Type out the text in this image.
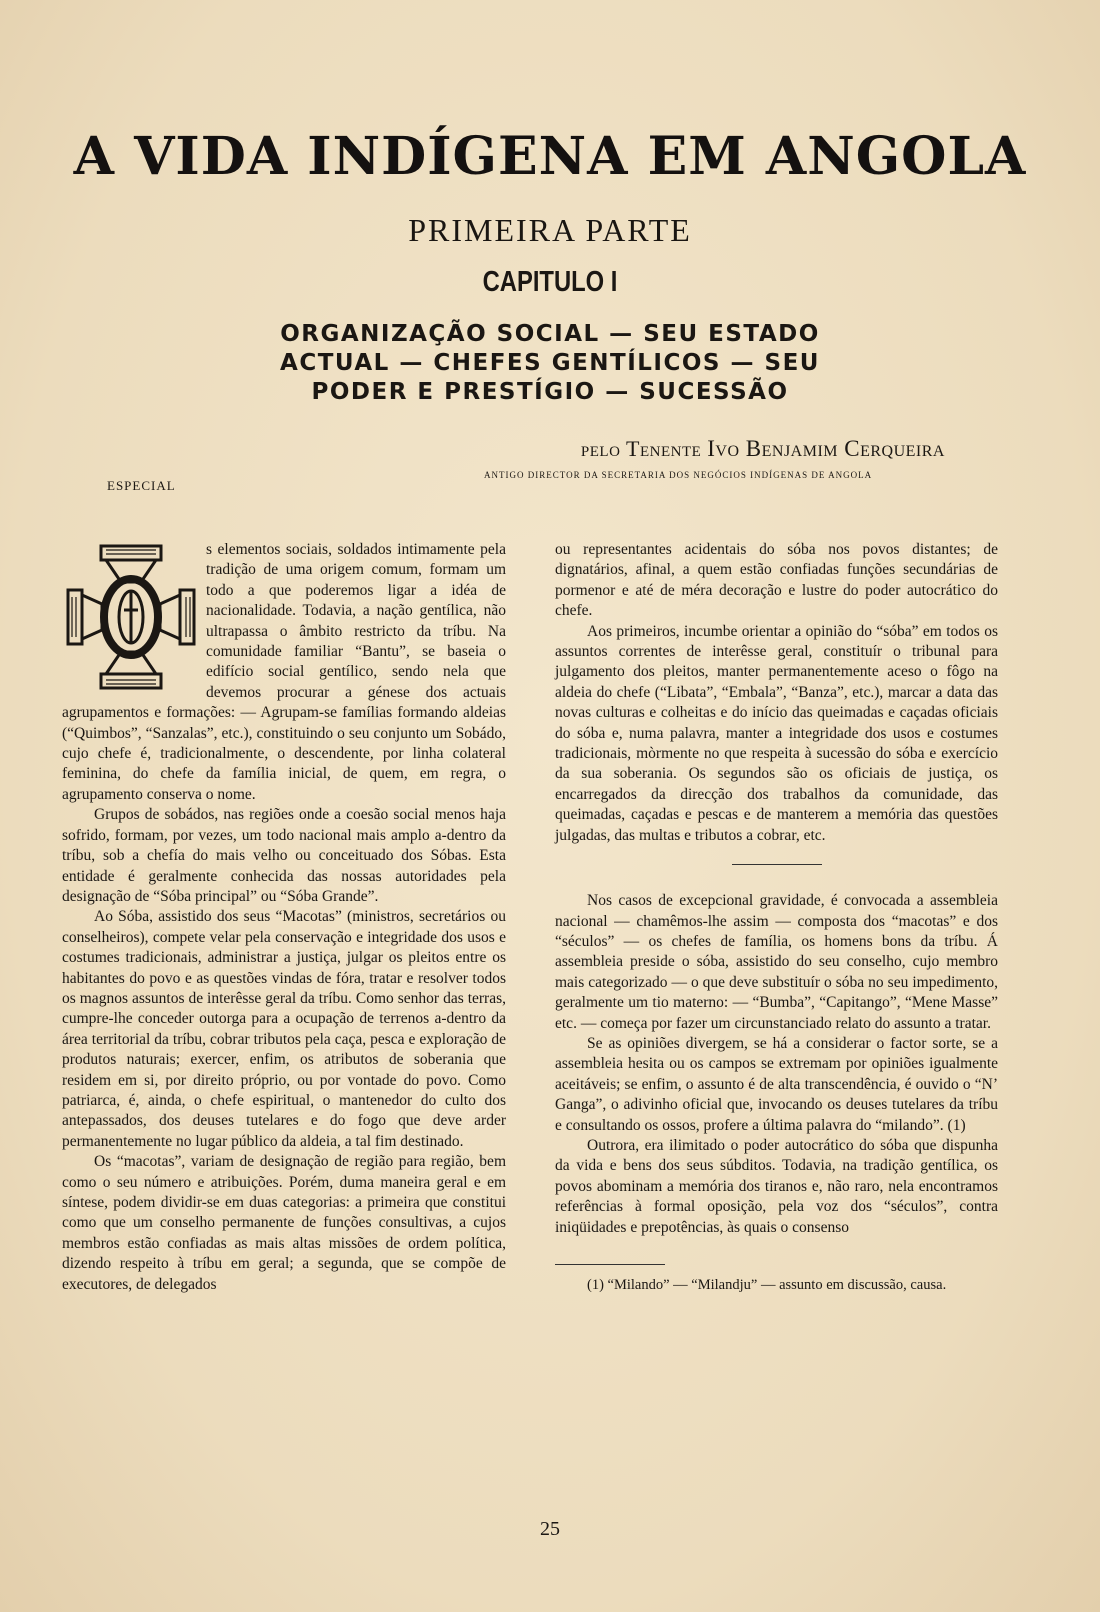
A VIDA INDÍGENA EM ANGOLA
PRIMEIRA PARTE
CAPITULO I
ORGANIZAÇÃO SOCIAL — SEU ESTADO
ACTUAL — CHEFES GENTÍLICOS — SEU
PODER E PRESTÍGIO — SUCESSÃO
pelo Tenente Ivo Benjamim Cerqueira
ANTIGO DIRECTOR DA SECRETARIA DOS NEGÓCIOS INDÍGENAS DE ANGOLA
ESPECIAL

s elementos sociais, soldados intimamente pela tradição de uma origem comum, formam um todo a que poderemos ligar a idéa de nacionalidade. Todavia, a nação gentílica, não ultrapassa o âmbito restricto da tríbu. Na comunidade familiar “Bantu”, se baseia o edifício social gentílico, sendo nela que devemos procurar a génese dos actuais agrupamentos e formações: — Agrupam-se famílias formando aldeias (“Quimbos”, “Sanzalas”, etc.), constituindo o seu conjunto um Sobádo, cujo chefe é, tradicionalmente, o descendente, por linha colateral feminina, do chefe da família inicial, de quem, em regra, o agrupamento conserva o nome.

Grupos de sobádos, nas regiões onde a coesão social menos haja sofrido, formam, por vezes, um todo nacional mais amplo a-dentro da tríbu, sob a chefía do mais velho ou conceituado dos Sóbas. Esta entidade é geralmente conhecida das nossas autoridades pela designação de “Sóba principal” ou “Sóba Grande”.

Ao Sóba, assistido dos seus “Macotas” (ministros, secretários ou conselheiros), compete velar pela conservação e integridade dos usos e costumes tradicionais, administrar a justiça, julgar os pleitos entre os habitantes do povo e as questões vindas de fóra, tratar e resolver todos os magnos assuntos de interêsse geral da tríbu. Como senhor das terras, cumpre-lhe conceder outorga para a ocupação de terrenos a-dentro da área territorial da tríbu, cobrar tributos pela caça, pesca e exploração de produtos naturais; exercer, enfim, os atributos de soberania que residem em si, por direito próprio, ou por vontade do povo. Como patriarca, é, ainda, o chefe espiritual, o mantenedor do culto dos antepassados, dos deuses tutelares e do fogo que deve arder permanentemente no lugar público da aldeia, a tal fim destinado.

Os “macotas”, variam de designação de região para região, bem como o seu número e atribuições. Porém, duma maneira geral e em síntese, podem dividir-se em duas categorias: a primeira que constitui como que um conselho permanente de funções consultivas, a cujos membros estão confiadas as mais altas missões de ordem política, dizendo respeito à tríbu em geral; a segunda, que se compõe de executores, de delegados

ou representantes acidentais do sóba nos povos distantes; de dignatários, afinal, a quem estão confiadas funções secundárias de pormenor e até de méra decoração e lustre do poder autocrático do chefe.

Aos primeiros, incumbe orientar a opinião do “sóba” em todos os assuntos correntes de interêsse geral, constituír o tribunal para julgamento dos pleitos, manter permanentemente aceso o fôgo na aldeia do chefe (“Libata”, “Embala”, “Banza”, etc.), marcar a data das novas culturas e colheitas e do início das queimadas e caçadas oficiais do sóba e, numa palavra, manter a integridade dos usos e costumes tradicionais, mòrmente no que respeita à sucessão do sóba e exercício da sua soberania. Os segundos são os oficiais de justiça, os encarregados da direcção dos trabalhos da comunidade, das queimadas, caçadas e pescas e de manterem a memória das questões julgadas, das multas e tributos a cobrar, etc.

Nos casos de excepcional gravidade, é convocada a assembleia nacional — chamêmos-lhe assim — composta dos “macotas” e dos “séculos” — os chefes de família, os homens bons da tríbu. Á assembleia preside o sóba, assistido do seu conselho, cujo membro mais categorizado — o que deve substituír o sóba no seu impedimento, geralmente um tio materno: — “Bumba”, “Capitango”, “Mene Masse” etc. — começa por fazer um circunstanciado relato do assunto a tratar.

Se as opiniões divergem, se há a considerar o factor sorte, se a assembleia hesita ou os campos se extremam por opiniões igualmente aceitáveis; se enfim, o assunto é de alta transcendência, é ouvido o “N’ Ganga”, o adivinho oficial que, invocando os deuses tutelares da tríbu e consultando os ossos, profere a última palavra do “milando”. (1)

Outrora, era ilimitado o poder autocrático do sóba que dispunha da vida e bens dos seus súbditos. Todavia, na tradição gentílica, os povos abominam a memória dos tiranos e, não raro, nela encontramos referências à formal oposição, pela voz dos “séculos”, contra iniqüidades e prepotências, às quais o consenso

(1) “Milando” — “Milandju” — assunto em discussão, causa.

25
